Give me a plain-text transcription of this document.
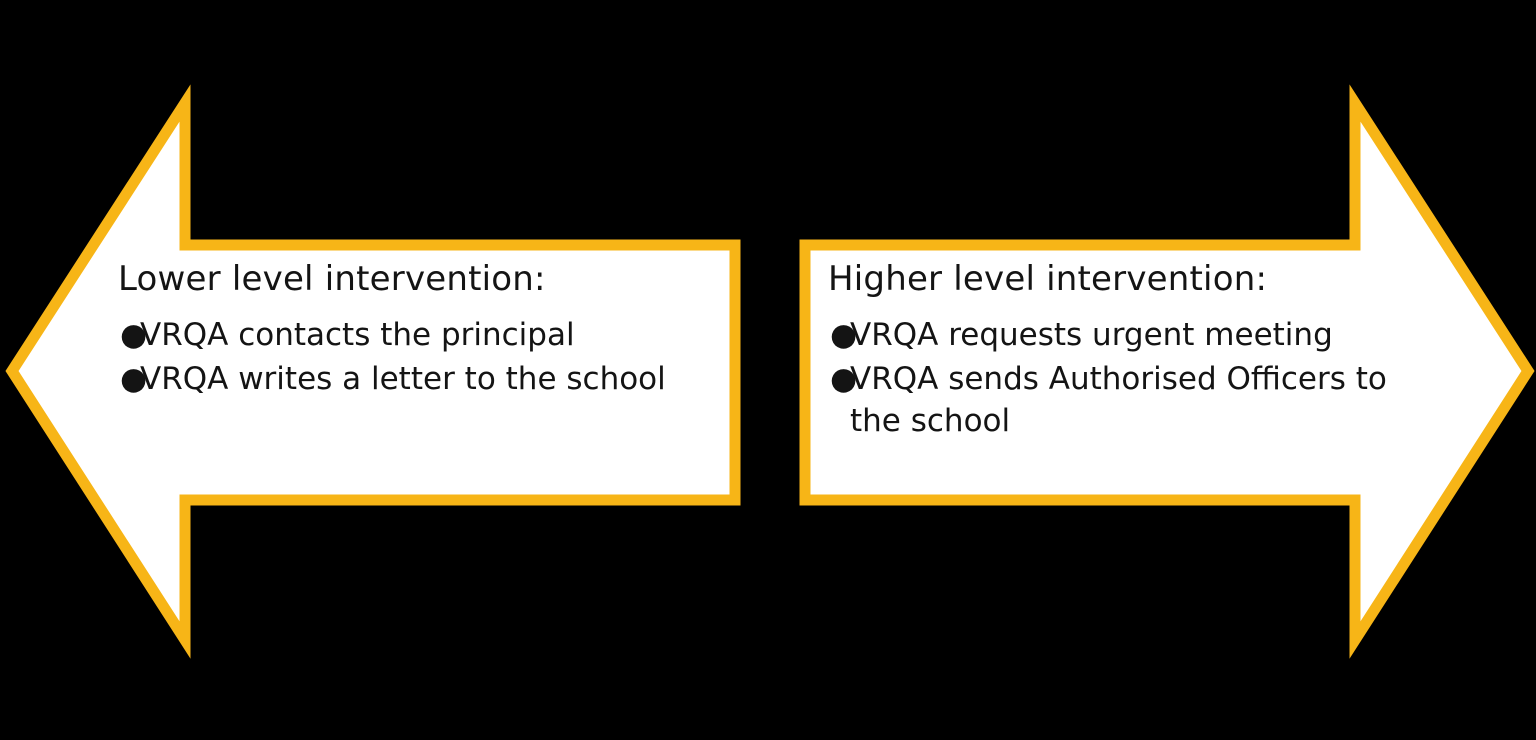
Lower level intervention:
●
VRQA contacts the principal
●
VRQA writes a letter to the school
Higher level intervention:
●
VRQA requests urgent meeting
●
VRQA sends Authorised Officers to the school
